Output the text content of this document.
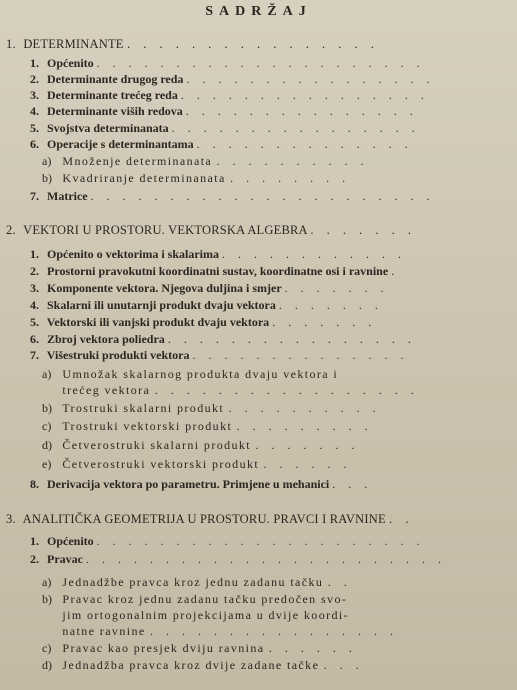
SADRŽAJ
1. DETERMINANTE . . . . . . . . . . . . . . . .
1. Općenito . . . . . . . . . . . . . . . . . . . . .
2. Determinante drugog reda . . . . . . . . . . . . . . . .
3. Determinante trećeg reda . . . . . . . . . . . . . . . .
4. Determinante viših redova . . . . . . . . . . . . . . .
5. Svojstva determinanata . . . . . . . . . . . . . . . .
6. Operacije s determinantama . . . . . . . . . . . . . .
a) Množenje determinanata . . . . . . . . . .
b) Kvadriranje determinanata . . . . . . . .
7. Matrice . . . . . . . . . . . . . . . . . . . . . .
2. VEKTORI U PROSTORU. VEKTORSKA ALGEBRA . . . . . . .
1. Općenito o vektorima i skalarima . . . . . . . . . . . .
2. Prostorni pravokutni koordinatni sustav, koordinatne osi i ravnine .
3. Komponente vektora. Njegova duljina i smjer . . . . . . .
4. Skalarni ili unutarnji produkt dvaju vektora . . . . . . .
5. Vektorski ili vanjski produkt dvaju vektora . . . . . . .
6. Zbroj vektora poliedra . . . . . . . . . . . . . . . .
7. Višestruki produkti vektora . . . . . . . . . . . . . .
a) Umnožak skalarnog produkta dvaju vektora i
trećeg vektora . . . . . . . . . . . . . . . . .
b) Trostruki skalarni produkt . . . . . . . . . .
c) Trostruki vektorski produkt . . . . . . . . .
d) Četverostruki skalarni produkt . . . . . . .
e) Četverostruki vektorski produkt . . . . . .
8. Derivacija vektora po parametru. Primjene u mehanici . . .
3. ANALITIČKA GEOMETRIJA U PROSTORU. PRAVCI I RAVNINE . .
1. Općenito . . . . . . . . . . . . . . . . . . . . .
2. Pravac . . . . . . . . . . . . . . . . . . . . . . .
a) Jednadžbe pravca kroz jednu zadanu tačku . .
b) Pravac kroz jednu zadanu tačku predočen svo-
jim ortogonalnim projekcijama u dvije koordi-
natne ravnine . . . . . . . . . . . . . . . .
c) Pravac kao presjek dviju ravnina . . . . . .
d) Jednadžba pravca kroz dvije zadane tačke . . .
